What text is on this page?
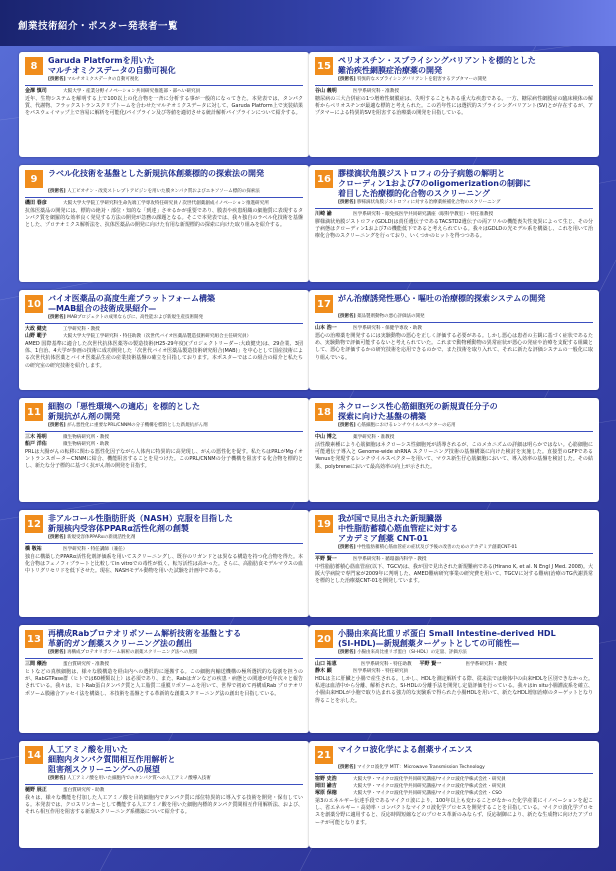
創業技術紹介・ポスター発表者一覧
8	Garuda Platformを用いた
マルチオミクスデータの自動可視化
[技術名] マルチオミクスデータの自動可視化
金澤 慎司	大阪大学・産業分野イノベーション共同研究推進部・部へい研究員
近年、生物システムを解明する上で100以上の化合物を一斉に分析する事が一般的になってきた。本発表では、タンパク質、代謝物、フラックストランスクリプトームを合わせたマルチオミクスデータに対して、Garuda Platform上で実装結果をパスウェイマップ上で容易に解析を可能化/パイプライン及び等値を適切させる統計解析パイプラインについて紹介する。
9	ラベル化技術を基盤とした新規抗体創薬標的の探索法の開発
[技術名] 人工ビオチン・改変ストレプトアビジンを用いた膜タンパク質およびエキソソーム標的の探索法
磯田 春彦	大阪大学大学院工学研究科生命先端工学専攻特任研究員 / 次世代創薬創成イノベーション推進研究所
抗体医薬品の開発には、標的の絶対・部位・知的な「到達」させるかが重要であり、膜表や疾患組織の細胞質に表現するタンパク質を網羅的な効率良く発見する方法の開発が急務の課題となる。そこで本発表では、我々独自のラベル化技術を基盤とした、プロテオミクス解析法を、抗体医薬品の開発に向けた有用な新規標的の探索に向けた取り組みを紹介する。
10 バイオ医薬品の高度生産プラットフォーム構築
—MAB組合の技術成果紹介—
[技術名] MABプロジェクトの成果ならびに、高性能および新規生産技術開発
大政 健史	工学研究科・教授
山野 範子	大阪大学大学院工学研究科・特任助教（次世代バイオ医薬品製造技術研究組合主任研究員）
AMED 国際基準に適合した次世代抗体医薬等の製造技術(H25-29年度)(プロジェクトリーダー:大政健史)は、29企業、3団体、1自治、4大学が参画の技術に成功開発した「次世代バイオ医薬品製造技術研究組合(MAB)」を中心として国産技術による次世代抗体医薬とバイオ医薬品生産の産業技術基盤の確立を目指しております。本ポスターではこの組合の紹介と私たちの研究室の研究技術を紹介します。
11 細胞の「悪性環境への適応」を標的とした
新規抗がん剤の開発
[技術名] がん悪性化に重要なPRL/CNNMの分子機構を標的とした新規抗がん剤
三木 裕明	微生物病研究所・教授
船戸 洋佑	微生物病研究所・助教
PRLは大腸がんの転移に関わる悪性化因子ながら人体内に特異的に高発現し、がんの悪性化を促す。私たちはPRLがMgイオントランスポーターCNNMに結合、機能阻害することを見つけた。このPRL/CNNMの分子機構を阻害する化合物を標的とし、新たな分子標的に基づく抗がん剤の開発を目指す。
12 非アルコール性脂肪肝炎（NASH）克服を目指した
新規核内受容体PPARα活性化剤の創製
[技術名] 新規受容体PPARαの新規活性化剤
橋 敬祐	医学研究科・特任講師（兼任）
独自に構築したPPARα活性化剤評価系を用いてスクリーニングし、既存のリガンドとは異なる構造を持つ化合物を得た。本化合物はフェノフィブラートと比較してin vitroでの毒性が低く、転写活性は高かった。さらに、高脂肪食モデルマウスの血中トリグリセリドを低下させた。現在、NASHモデル動物を用いた試験を計画中である。
13 再構成Rabプロテオリポソーム解析技術を基盤とする
革新的ガン創薬スクリーニング法の創出
[技術名] 再構成プロテオリポソーム解析の創薬スクリーニング法への展開
三間 穣治	蛋白質研究所・准教授
ヒトなどの真核細胞は、様々な膜構造を経由内への選択的に運搬する。この細胞内輸送機構の極所選択的な役割を担うのが、RabGTPase群（ヒトでは60種類以上）は必須であり、また、Rabはガンなどの疾患・病態との関連が近年次々と報告されている。我々は、ヒトRab蛋白タンパク質と人工脂質二重膜リポソームを用いて、世界で初めて再構成Rab プロテオリポソーム膜融合アッセイ法を構築し、本技術を基盤とする革新的な創薬スクリーニング法の創出を目指している。
14 人工アミノ酸を用いた
細胞内タンパク質間相互作用解析と
阻害剤スクリーニングへの展望
[技術名] 人工アミノ酸を用いた細胞内でのタンパク質への人工アミノ酸導入技術
樋野 展正	蛋白質研究所・助教
我々は、様々な機能を付加した人工アミノ酸を目的細胞内でタンパク質に部位特異的に導入する技術を開発・保有している。本発表では、クロスリンカーとして機能する人工アミノ酸を用いた細胞内標的タンパク質間相互作用解析法、および、それら相互作用を阻害する新規スクリーニング系構築について紹介する。
15 ペリオスチン・スプライシングバリアントを標的とした
難治疾性網膜症治療薬の開発
[技術名] 特異的なスプライシングバリアントを阻害するアプタマーの開発
谷山 義明	医学系研究科・准教授
糖尿病の三大合併症の1つ増殖性網膜症は、失明することもある重大な疾患である。一方、糖尿病性網膜症の臨床検体の解析からペリオスチンが最適な標的と考えられた。この若年性には選択的スプライシングバリアント(SV)とが存在するが、アプタマーによる特異的SVを阻害する治療薬の開発を目指している。
16 膠様滴状角膜ジストロフィの分子病態の解明と
クローディン1および7のoligomerizationの制御に
着目した治療標的化合物のスクリーニング
[技術名] 膠様滴状角膜ジストロフィに対する治療薬候補化合物のスクリーニング
川崎 諭	医学系研究科・眼免疫医学共同研究講座（眼科学教室）・特任准教授
膠様滴状角膜ジストロフィ(GDLD)は責任遺伝子であるTACSTD2遺伝子の両アリルの機能喪失性変異によって生じ、その分子病態はクローディン1および7の機能低下であると考えられている。我々はGDLDの光モデル系を構築し、これを用いて治療化合物のスクリーニングを行っており、いくつかのヒットを得つつある。
17 がん治療誘発性悪心・嘔吐の治療標的探索システムの開発
[技術名] 薬品製剤動物の悪心評価法の開発
山本 浩一	医学系研究科・保健学専攻・助教
悪心の治療薬を開発するには実験動物の悪心を正しく評価する必要がある。しかし悪心は患者の主観に基づく症状であるため、実験動物で評価可能するないと考えられていた。これまで動物種動物の異常症状が悪心の発症や治療を支配する組織として、悪心を評価するかの研究技術を応用できるのかで、また技術を取り入れて、それに新たな評価システムの一般化に取り組んでいる。
18 ネクローシス性心筋細胞死の新規責任分子の
探索に向けた基盤の構築
[技術名] 心筋細胞におけるレンチウイルスベクターの応用
中山 博之	薬学研究科・准教授
活性酸素種により心筋細胞はネクローシス性細胞死が誘導されるが、このメカニズムの詳細は明らかではない。心筋細胞に可能遺伝子導入と Genome-wide shRNA スクリーニング技術の基盤構築に向けた検討を実施した。直接型のGFPであるVenusを発現するレンチウイルスベクターを用いて、マウス新生仔心筋細胞において、導入効率の基盤を検討した。その結果、polybreneにおいて最高効率の向上が示された。
19 我が国で見出された新規臓器
中性脂肪蓄積心筋血管症に対する
アカデミア創薬 CNT-01
[技術名] 中性脂肪蓄積心筋血管症の症状及び予後の改善のためのアカデミア創薬CNT-01
平野 賢一	医学系研究科・循環器内科学・教授
中性脂肪蓄積心筋血管症(以下、TGCV)は、我が国で見出された新規難病である(Hirano K, et al. N Engl J Med. 2008)。大阪大学病院で専門家が2009年に判明した、AMED難病研究事業の研究費を用いて、TGCVに対する難病(治療のTG代謝異常を標的とした治療薬CNT-01を開発しています。
20 小腸由来高比重リポ蛋白 Small Intestine-derived HDL
(SI-HDL)—新規創薬ターゲットとしての可能性—
[技術名] 小腸由来高比重リポ蛋白（SI-HDL）の定量、評価方法
山口 祐恵	医学系研究科・特任助教 平野 賢一	医学系研究科・教授
静木 顕	医学系研究科・特任研究員
HDLは主に肝臓と小腸で産生される。しかし、HDLを測定解析する際、従来法では検体中の由来HDLを区別できなかった。私達は血清中から分離、解析された、SI-HDLの分離手法を開発し定量評価を行っている。我々はin situ小腸灌流系を確立、小腸由来HDLが小胞で取り込まれる強力的な実験系で得られた小腸HDLを用いて、新たなHDL増加治療のターゲットとなり得ることを示した。
21 マイクロ波化学による創薬サイエンス
[技術名] マイクロ波化学 MTT：Microwave Transmission Technology
宿野 史浩	大阪大学・マイクロ波化学共同研究講座/マイクロ波化学株式会社・研究員
岡田 諭吉	大阪大学・マイクロ波化学共同研究講座/マイクロ波化学株式会社・研究員
塚原 保徳	大阪大学・マイクロ波化学共同研究講座/マイクロ波化学株式会社・CSO
第3のエネルギー伝達手段であるマイクロ波により、100年以上も変わることがなかった化学産業にイノベーションを起こし、省エネルギー・高効率・コンパクトなマイクロ波化学プロセスを開発することを目指している。マイクロ波化学プロセスを創薬分野に適用すると、反応時間短縮などのプロセス革新のみならず、反応制御により、新たな生成物に向けたアプローチが可能となります。
